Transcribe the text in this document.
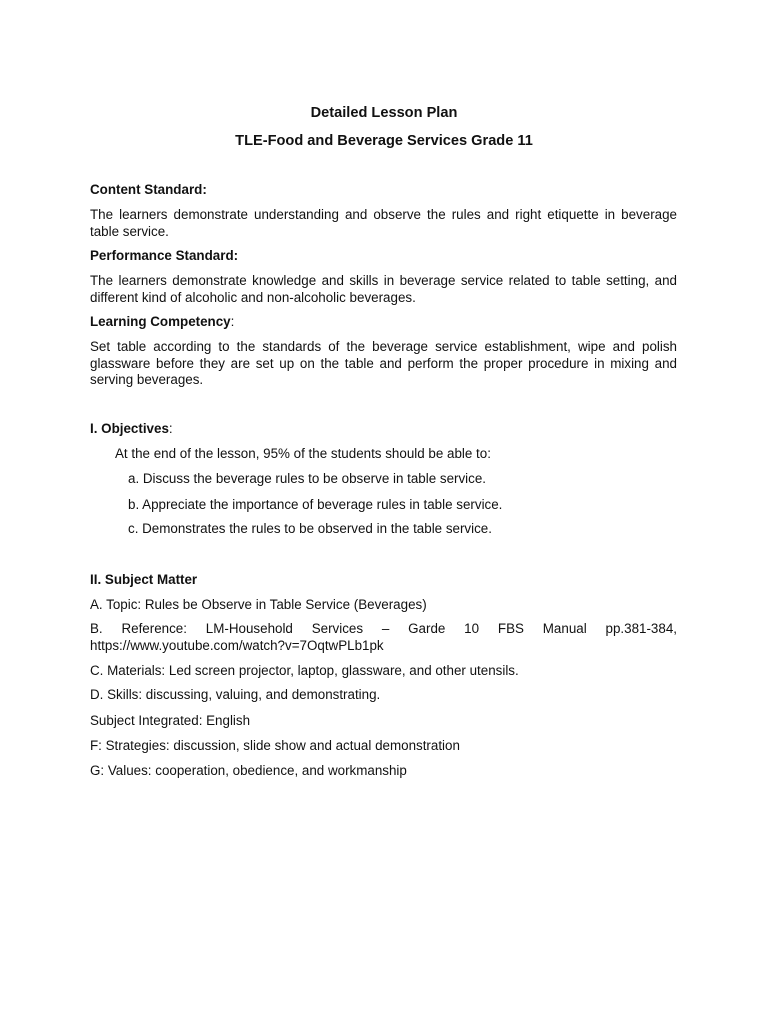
Detailed Lesson Plan
TLE-Food and Beverage Services Grade 11
Content Standard:
The learners demonstrate understanding and observe the rules and right etiquette in beverage table service.
Performance Standard:
The learners demonstrate knowledge and skills in beverage service related to table setting, and different kind of alcoholic and non-alcoholic beverages.
Learning Competency:
Set table according to the standards of the beverage service establishment, wipe and polish glassware before they are set up on the table and perform the proper procedure in mixing and serving beverages.
I. Objectives:
At the end of the lesson, 95% of the students should be able to:
a. Discuss the beverage rules to be observe in table service.
b. Appreciate the importance of beverage rules in table service.
c. Demonstrates the rules to be observed in the table service.
II. Subject Matter
A. Topic: Rules be Observe in Table Service (Beverages)
B. Reference: LM-Household Services – Garde 10 FBS Manual pp.381-384, https://www.youtube.com/watch?v=7OqtwPLb1pk
C. Materials: Led screen projector, laptop, glassware, and other utensils.
D. Skills: discussing, valuing, and demonstrating.
Subject Integrated: English
F: Strategies: discussion, slide show and actual demonstration
G: Values: cooperation, obedience, and workmanship
